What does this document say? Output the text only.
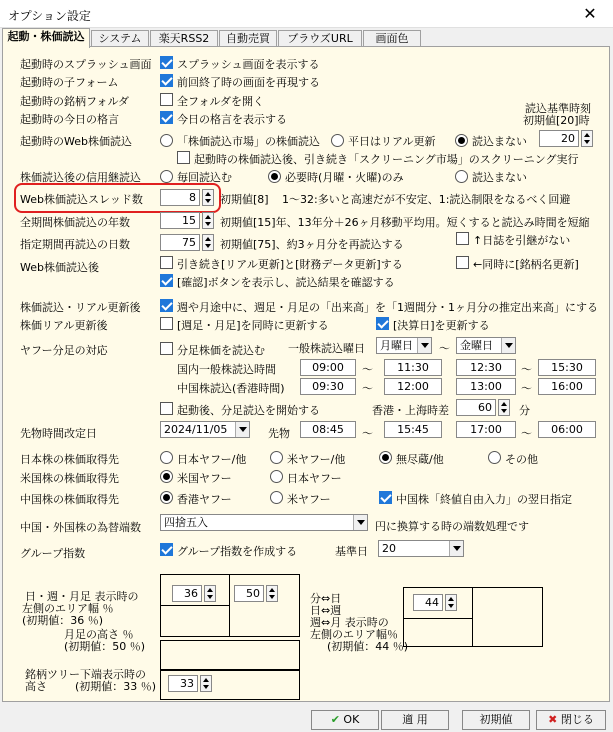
オプション設定	✕
起動・株価読込	システム	楽天RSS2	自動売買	ブラウズURL	画面色
起動時のスプラッシュ画面 スプラッシュ画面を表示する
起動時の子フォーム	前回終了時の画面を再現する
起動時の銘柄フォルダ	全フォルダを開く
起動時の今日の格言	今日の格言を表示する
読込基準時刻
初期値[20]時
起動時のWeb株価読込	「株価読込市場」の株価読込	平日はリアル更新	読込まない	20
起動時の株価読込後、引き続き「スクリーニング市場」のスクリーニング実行
株価読込後の信用継読込	毎回読込む	必要時(月曜・火曜)のみ	読込まない
Web株価読込スレッド数	8	初期値[8] 1～32:多いと高速だが不安定、1:読込制限をなるべく回避
全期間株価読込の年数	15	初期値[15]年、13年分＋26ヶ月移動平均用。短くすると読込み時間を短縮
指定期間再読込の日数	75	初期値[75]、約3ヶ月分を再読込する	↑日誌を引継がない
Web株価読込後	引き続き[リアル更新]と[財務データ更新]する	←同時に[銘柄名更新]
[確認]ボタンを表示し、読込結果を確認する
株価読込・リアル更新後	週や月途中に、週足・月足の「出来高」を「1週間分・1ヶ月分の推定出来高」にする
株価リアル更新後	[週足・月足]を同時に更新する	[決算日]を更新する
ヤフー分足の対応	分足株価を読込む 一般株読込曜日	月曜日	～ 金曜日
国内一般株読込時間	09:00	～	11:30	12:30	～	15:30
中国株読込(香港時間)	09:30	～	12:00	13:00	～	16:00
起動後、分足読込を開始する	香港・上海時差	60	分
先物時間改定日	2024/11/05	先物	08:45	～	15:45	17:00	～	06:00
日本株の株価取得先	日本ヤフー/他	米ヤフー/他	無尽蔵/他	その他
米国株の株価取得先	米国ヤフー	日本ヤフー
中国株の株価取得先	香港ヤフー	米ヤフー	中国株「終値自由入力」の翌日指定
中国・外国株の為替端数	四捨五入	円に換算する時の端数処理です
グループ指数	グループ指数を作成する	基準日	20
日・週・月足 表示時の
左側のエリア幅 ％
(初期値：36 ％)
月足の高さ ％
(初期値：50 ％)
36	50
銘柄ツリー下端表示時の
高さ	(初期値：33 ％)	33
分⇔日
日⇔週
週⇔月 表示時の
左側のエリア幅％
(初期値：44 ％)
44
✔ OK	適 用	初期値	✖ 閉じる
